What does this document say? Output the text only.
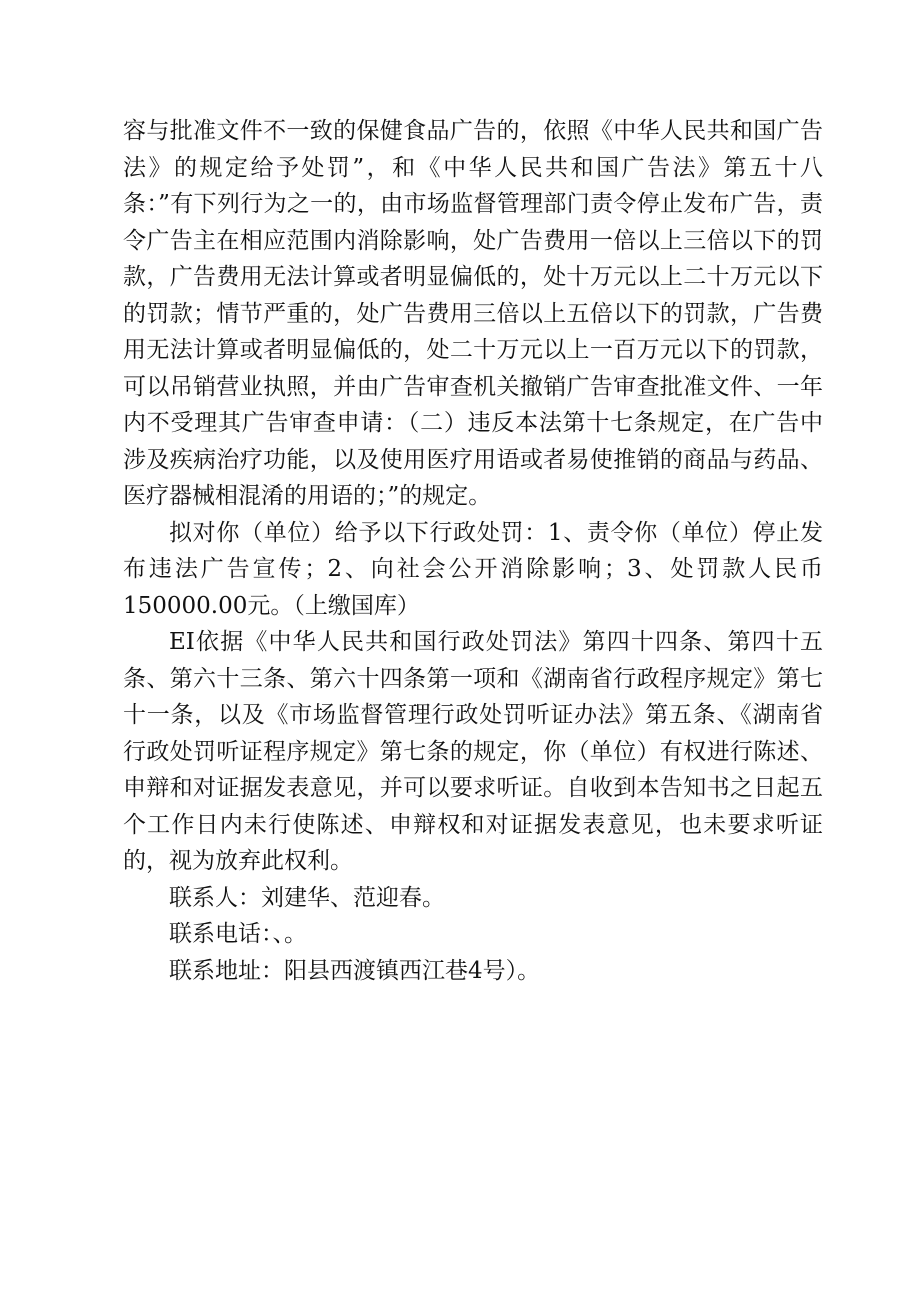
容与批准文件不一致的保健食品广告的，依照《中华人民共和国广告法》的规定给予处罚”，和《中华人民共和国广告法》第五十八条：”有下列行为之一的，由市场监督管理部门责令停止发布广告，责令广告主在相应范围内消除影响，处广告费用一倍以上三倍以下的罚款，广告费用无法计算或者明显偏低的，处十万元以上二十万元以下的罚款；情节严重的，处广告费用三倍以上五倍以下的罚款，广告费用无法计算或者明显偏低的，处二十万元以上一百万元以下的罚款，可以吊销营业执照，并由广告审查机关撤销广告审查批准文件、一年内不受理其广告审查申请：（二）违反本法第十七条规定，在广告中涉及疾病治疗功能，以及使用医疗用语或者易使推销的商品与药品、医疗器械相混淆的用语的；”的规定。

拟对你（单位）给予以下行政处罚：1、责令你（单位）停止发布违法广告宣传；2、向社会公开消除影响；3、处罚款人民币150000.00元。（上缴国库）

EI依据《中华人民共和国行政处罚法》第四十四条、第四十五条、第六十三条、第六十四条第一项和《湖南省行政程序规定》第七十一条，以及《市场监督管理行政处罚听证办法》第五条、《湖南省行政处罚听证程序规定》第七条的规定，你（单位）有权进行陈述、申辩和对证据发表意见，并可以要求听证。自收到本告知书之日起五个工作日内未行使陈述、申辩权和对证据发表意见，也未要求听证的，视为放弃此权利。

联系人：刘建华、范迎春。

联系电话：、。

联系地址：阳县西渡镇西江巷4号）。
